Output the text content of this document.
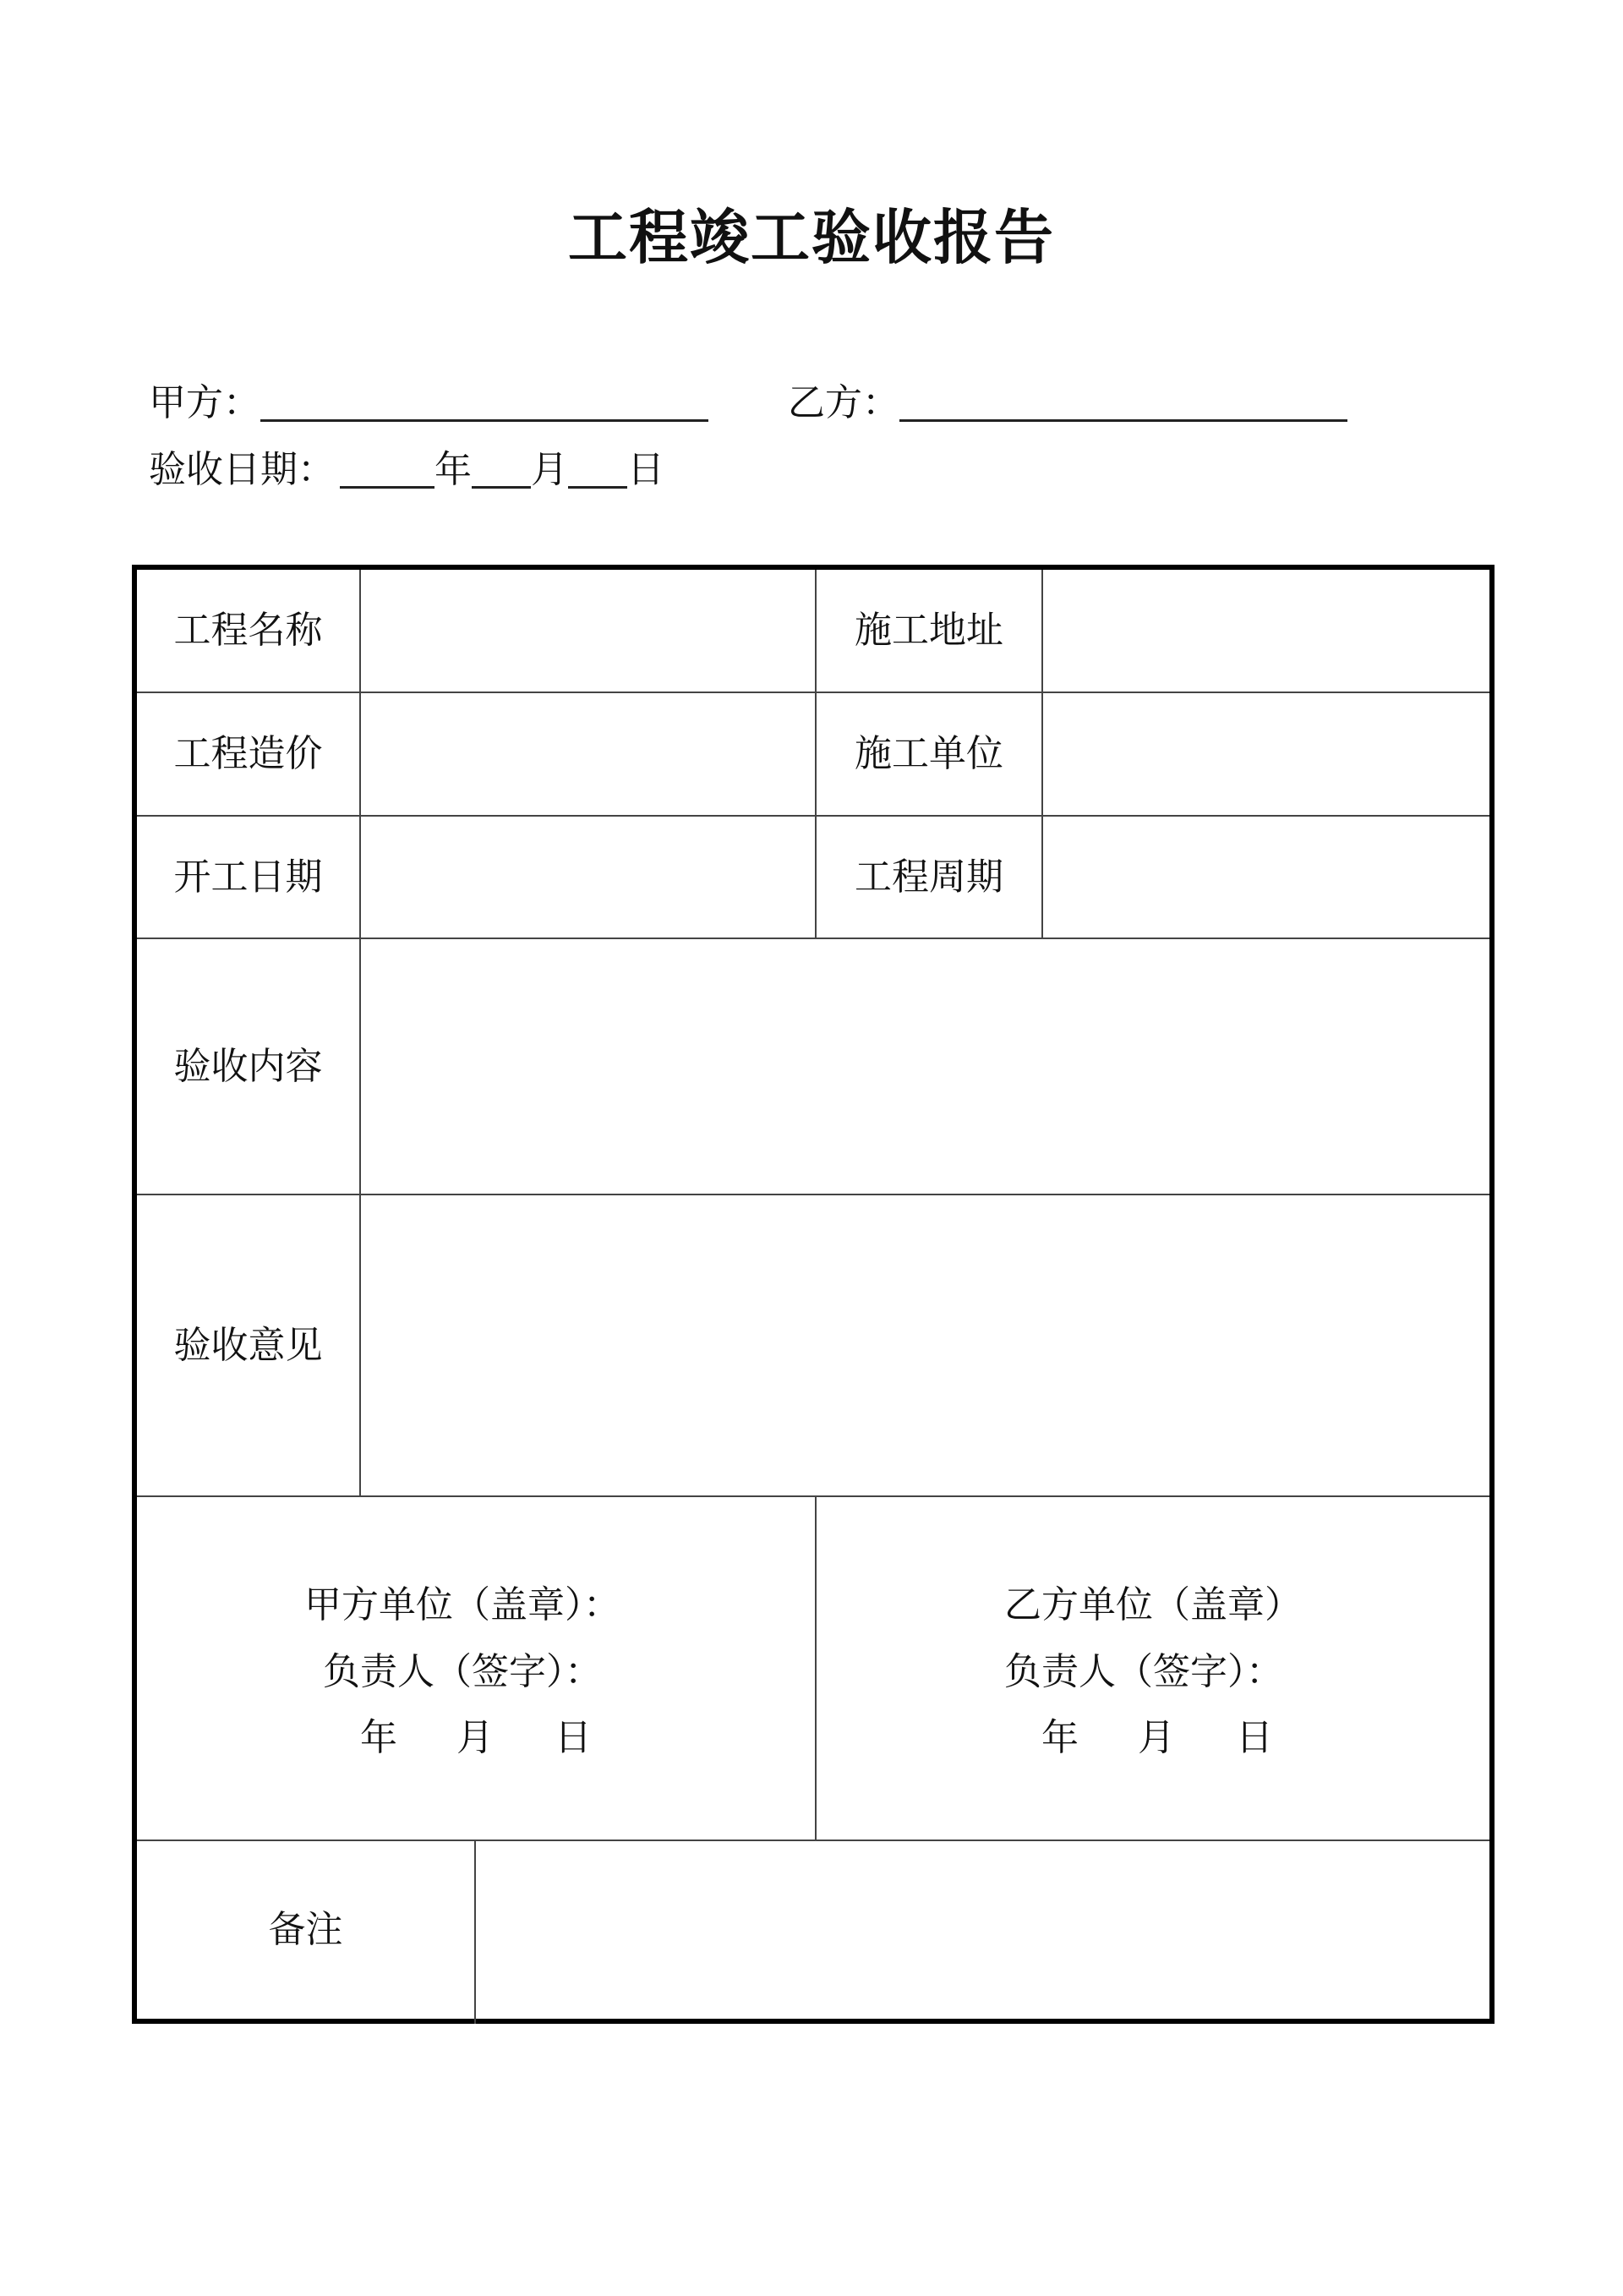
工程竣工验收报告
甲方：	乙方：
验收日期：	年 月 日
工程名称	施工地址
工程造价	施工单位
开工日期	工程周期
验收内容
验收意见
甲方单位（盖章）：
负责人（签字）：
年 月 日
乙方单位（盖章）
负责人（签字）：
年 月 日
备注
